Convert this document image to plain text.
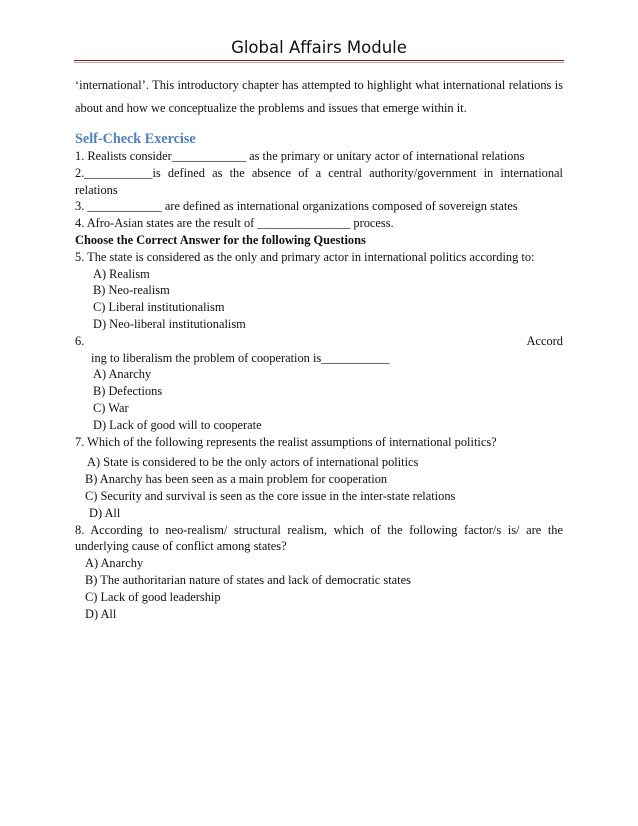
Global Affairs Module

‘international’. This introductory chapter has attempted to highlight what international relations is about and how we conceptualize the problems and issues that emerge within it.

Self-Check Exercise

1. Realists consider____________ as the primary or unitary actor of international relations

2.___________is defined as the absence of a central authority/government in international relations

3. ____________ are defined as international organizations composed of sovereign states

4. Afro-Asian states are the result of _______________ process.

Choose the Correct Answer for the following Questions

5. The state is considered as the only and primary actor in international politics according to:

A) Realism

B) Neo-realism

C) Liberal institutionalism

D) Neo-liberal institutionalism

6.	Accord

ing to liberalism the problem of cooperation is___________

A) Anarchy

B) Defections

C) War

D) Lack of good will to cooperate

7. Which of the following represents the realist assumptions of international politics?

A) State is considered to be the only actors of international politics

B) Anarchy has been seen as a main problem for cooperation

C) Security and survival is seen as the core issue in the inter-state relations

D) All

8. According to neo-realism/ structural realism, which of the following factor/s is/ are the underlying cause of conflict among states?

A) Anarchy

B) The authoritarian nature of states and lack of democratic states

C) Lack of good leadership

D) All
